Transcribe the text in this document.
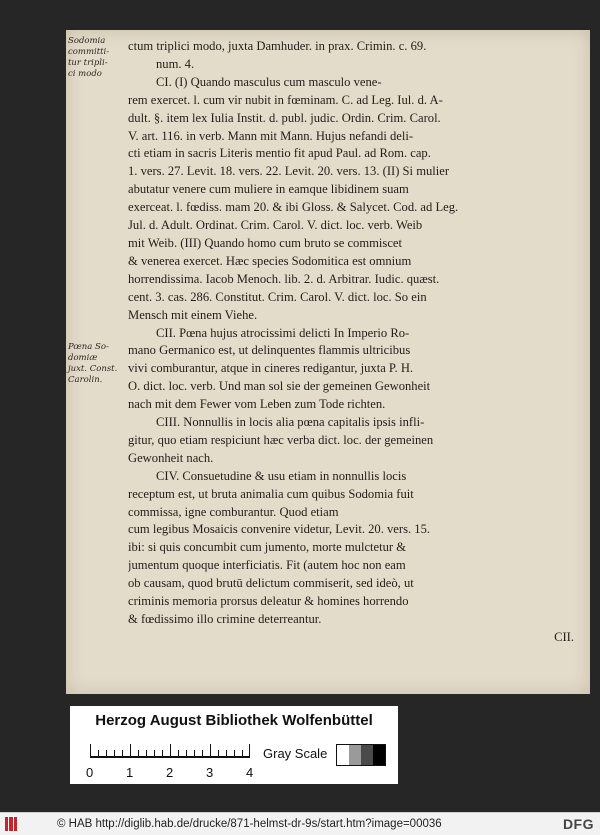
Sodomia
committi-
tur tripli-
ci modo
Pœna So-
domiæ
juxt. Const.
Carolin.
ctum triplici modo, juxta Damhuder. in prax. Crimin. c. 69.
num. 4.
CI. (I) Quando masculus cum masculo vene-
rem exercet. l. cum vir nubit in fœminam. C. ad Leg. Iul. d. A-
dult. §. item lex Iulia Instit. d. publ. judic. Ordin. Crim. Carol.
V. art. 116. in verb. Mann mit Mann. Hujus nefandi deli-
cti etiam in sacris Literis mentio fit apud Paul. ad Rom. cap.
1. vers. 27. Levit. 18. vers. 22. Levit. 20. vers. 13. (II) Si mulier
abutatur venere cum muliere in eamque libidinem suam
exerceat. l. fœdiss. mam 20. & ibi Gloss. & Salycet. Cod. ad Leg.
Jul. d. Adult. Ordinat. Crim. Carol. V. dict. loc. verb. Weib
mit Weib. (III) Quando homo cum bruto se commiscet
& venerea exercet. Hæc species Sodomitica est omnium
horrendissima. Iacob Menoch. lib. 2. d. Arbitrar. Iudic. quæst.
cent. 3. cas. 286. Constitut. Crim. Carol. V. dict. loc. So ein
Mensch mit einem Viehe.
CII. Pœna hujus atrocissimi delicti In Imperio Ro-
mano Germanico est, ut delinquentes flammis ultricibus
vivi comburantur, atque in cineres redigantur, juxta P. H.
O. dict. loc. verb. Und man sol sie der gemeinen Gewonheit
nach mit dem Fewer vom Leben zum Tode richten.
CIII. Nonnullis in locis alia pœna capitalis ipsis infli-
gitur, quo etiam respiciunt hæc verba dict. loc. der gemeinen
Gewonheit nach.
CIV. Consuetudine & usu etiam in nonnullis locis
receptum est, ut bruta animalia cum quibus Sodomia fuit
commissa, igne comburantur. Quod etiam
cum legibus Mosaicis convenire videtur, Levit. 20. vers. 15.
ibi: si quis concumbit cum jumento, morte mulctetur &
jumentum quoque interficiatis. Fit (autem hoc non eam
ob causam, quod brutū delictum commiserit, sed ideò, ut
criminis memoria prorsus deleatur & homines horrendo
& fœdissimo illo crimine deterreantur.
CII.
Herzog August Bibliothek Wolfenbüttel
0	1	2	3	4
Gray Scale
© HAB http://diglib.hab.de/drucke/871-helmst-dr-9s/start.htm?image=00036	DFG
